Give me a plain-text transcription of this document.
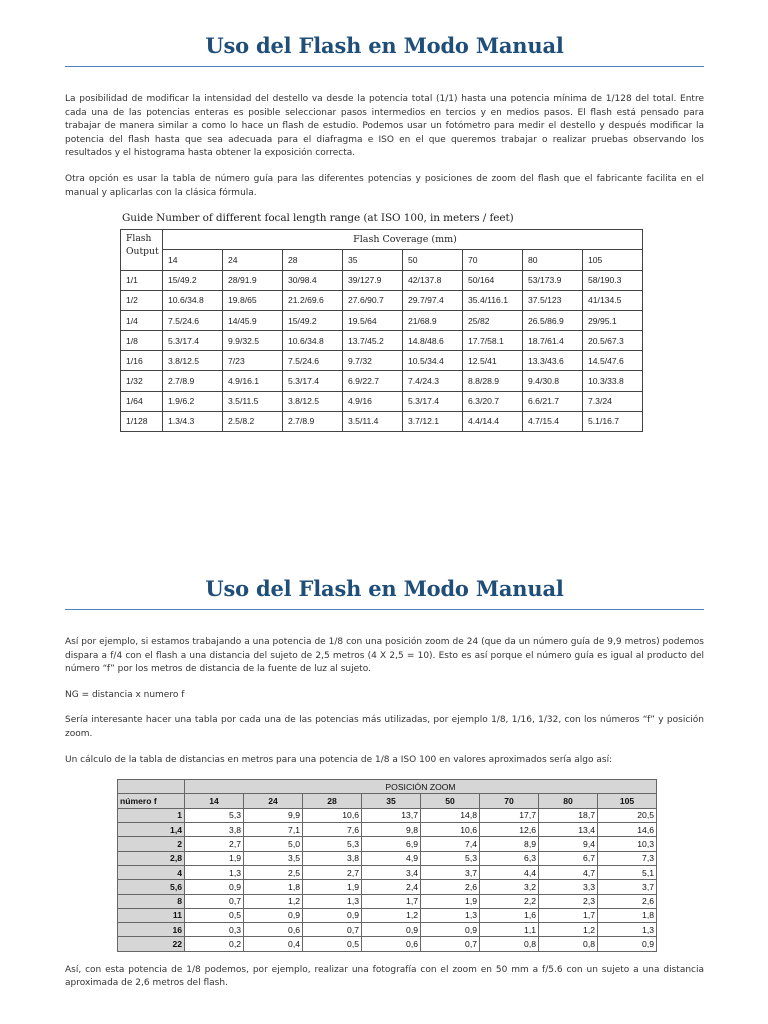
Uso del Flash en Modo Manual

La posibilidad de modificar la intensidad del destello va desde la potencia total (1/1) hasta una potencia mínima de 1/128 del total. Entre cada una de las potencias enteras es posible seleccionar pasos intermedios en tercios y en medios pasos. El flash está pensado para trabajar de manera similar a como lo hace un flash de estudio. Podemos usar un fotómetro para medir el destello y después modificar la potencia del flash hasta que sea adecuada para el diafragma e ISO en el que queremos trabajar o realizar pruebas observando los resultados y el histograma hasta obtener la exposición correcta.

Otra opción es usar la tabla de número guía para las diferentes potencias y posiciones de zoom del flash que el fabricante facilita en el manual y aplicarlas con la clásica fórmula.

Guide Number of different focal length range (at ISO 100, in meters / feet)
Flash
Output	Flash Coverage (mm)							
	14	24	28	35	50	70	80	105
1/1	15/49.2	28/91.9	30/98.4	39/127.9	42/137.8	50/164	53/173.9	58/190.3
1/2	10.6/34.8	19.8/65	21.2/69.6	27.6/90.7	29.7/97.4	35.4/116.1	37.5/123	41/134.5
1/4	7.5/24.6	14/45.9	15/49.2	19.5/64	21/68.9	25/82	26.5/86.9	29/95.1
1/8	5.3/17.4	9.9/32.5	10.6/34.8	13.7/45.2	14.8/48.6	17.7/58.1	18.7/61.4	20.5/67.3
1/16	3.8/12.5	7/23	7.5/24.6	9.7/32	10.5/34.4	12.5/41	13.3/43.6	14.5/47.6
1/32	2.7/8.9	4.9/16.1	5.3/17.4	6.9/22.7	7.4/24.3	8.8/28.9	9.4/30.8	10.3/33.8
1/64	1.9/6.2	3.5/11.5	3.8/12.5	4.9/16	5.3/17.4	6.3/20.7	6.6/21.7	7.3/24
1/128	1.3/4.3	2.5/8.2	2.7/8.9	3.5/11.4	3.7/12.1	4.4/14.4	4.7/15.4	5.1/16.7
Uso del Flash en Modo Manual

Así por ejemplo, si estamos trabajando a una potencia de 1/8 con una posición zoom de 24 (que da un número guía de 9,9 metros) podemos dispara a f/4 con el flash a una distancia del sujeto de 2,5 metros (4 X 2,5 = 10). Esto es así porque el número guía es igual al producto del número “f” por los metros de distancia de la fuente de luz al sujeto.

NG = distancia x numero f

Sería interesante hacer una tabla por cada una de las potencias más utilizadas, por ejemplo 1/8, 1/16, 1/32, con los números “f” y posición zoom.

Un cálculo de la tabla de distancias en metros para una potencia de 1/8 a ISO 100 en valores aproximados sería algo así:

	POSICIÓN ZOOM							
número f	14	24	28	35	50	70	80	105
1	5,3	9,9	10,6	13,7	14,8	17,7	18,7	20,5
1,4	3,8	7,1	7,6	9,8	10,6	12,6	13,4	14,6
2	2,7	5,0	5,3	6,9	7,4	8,9	9,4	10,3
2,8	1,9	3,5	3,8	4,9	5,3	6,3	6,7	7,3
4	1,3	2,5	2,7	3,4	3,7	4,4	4,7	5,1
5,6	0,9	1,8	1,9	2,4	2,6	3,2	3,3	3,7
8	0,7	1,2	1,3	1,7	1,9	2,2	2,3	2,6
11	0,5	0,9	0,9	1,2	1,3	1,6	1,7	1,8
16	0,3	0,6	0,7	0,9	0,9	1,1	1,2	1,3
22	0,2	0,4	0,5	0,6	0,7	0,8	0,8	0,9

Así, con esta potencia de 1/8 podemos, por ejemplo, realizar una fotografía con el zoom en 50 mm a f/5.6 con un sujeto a una distancia aproximada de 2,6 metros del flash.
